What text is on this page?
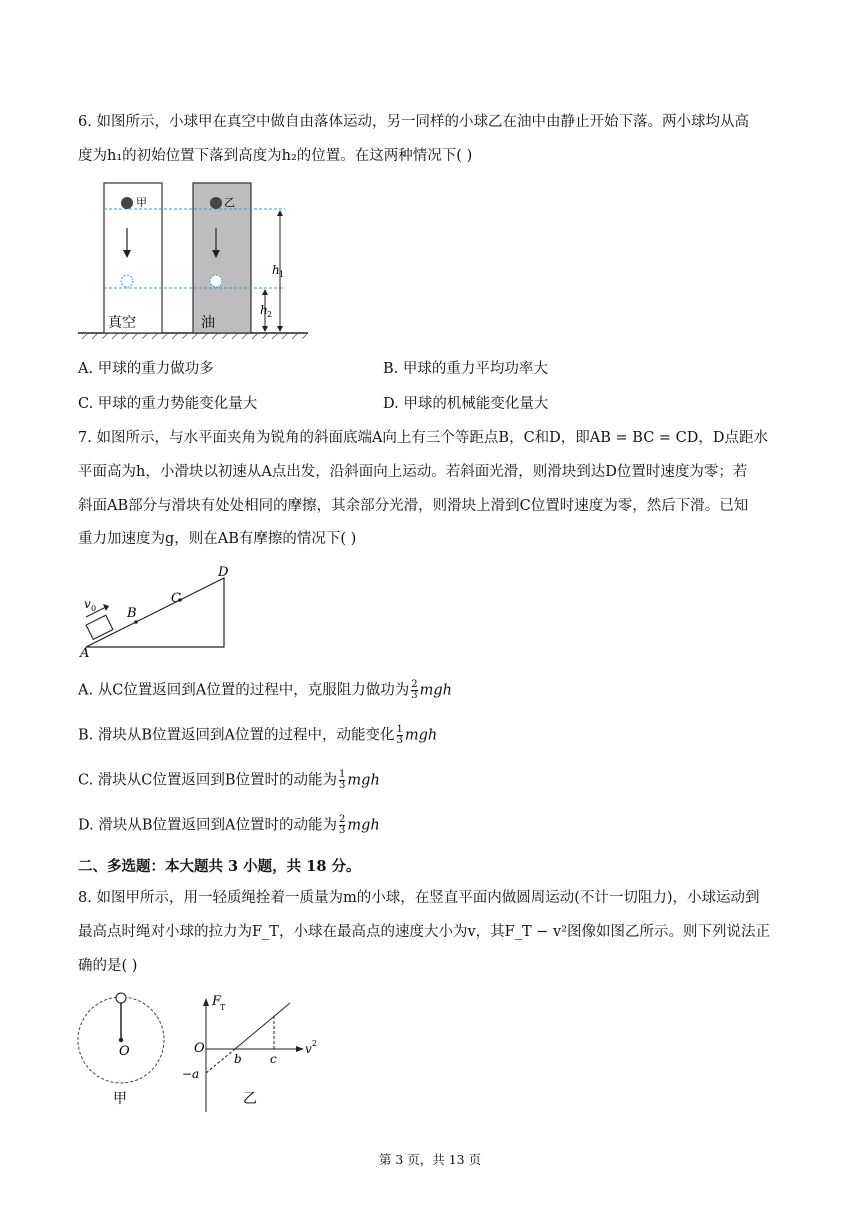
6. 如图所示，小球甲在真空中做自由落体运动，另一同样的小球乙在油中由静止开始下落。两小球均从高
度为h₁的初始位置下落到高度为h₂的位置。在这两种情况下( )
甲	乙
真空	油
h 1
h 2
A. 甲球的重力做功多	B. 甲球的重力平均功率大
C. 甲球的重力势能变化量大	D. 甲球的机械能变化量大
7. 如图所示，与水平面夹角为锐角的斜面底端A向上有三个等距点B，C和D，即AB = BC = CD，D点距水
平面高为h，小滑块以初速从A点出发，沿斜面向上运动。若斜面光滑，则滑块到达D位置时速度为零；若
斜面AB部分与滑块有处处相同的摩擦，其余部分光滑，则滑块上滑到C位置时速度为零，然后下滑。已知
重力加速度为g，则在AB有摩擦的情况下( )
A
B
C
D
v 0
A. 从C位置返回到A位置的过程中，克服阻力做功为 $\frac{2}{3}$ mgh
B. 滑块从B位置返回到A位置的过程中，动能变化 $\frac{1}{3}$ mgh
C. 滑块从C位置返回到B位置时的动能为 $\frac{1}{3}$ mgh
D. 滑块从B位置返回到A位置时的动能为 $\frac{2}{3}$ mgh
二、多选题：本大题共 3 小题，共 18 分。
8. 如图甲所示，用一轻质绳拴着一质量为m的小球，在竖直平面内做圆周运动(不计一切阻力)，小球运动到
最高点时绳对小球的拉力为F_T，小球在最高点的速度大小为v，其F_T − v²图像如图乙所示。则下列说法正
确的是( )
O
甲
F
T
O
b c
−a
v 2
乙
第 3 页，共 13 页
